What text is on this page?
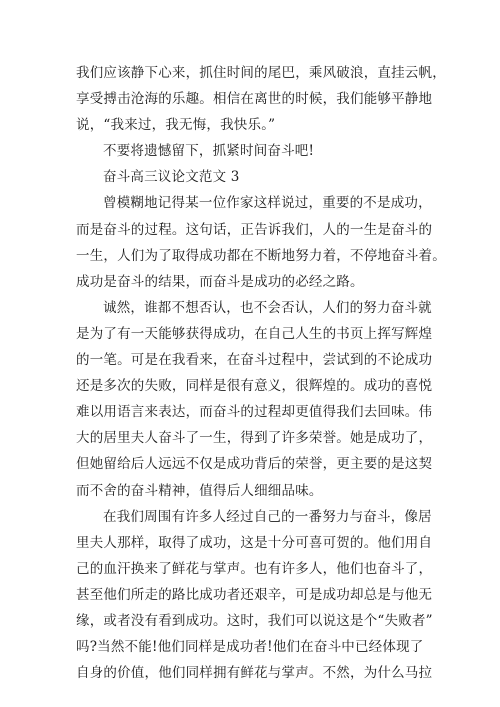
我们应该静下心来，抓住时间的尾巴，乘风破浪，直挂云帆，
享受搏击沧海的乐趣。相信在离世的时候，我们能够平静地
说，“我来过，我无悔，我快乐。”
不要将遗憾留下，抓紧时间奋斗吧!
奋斗高三议论文范文 3
曾模糊地记得某一位作家这样说过，重要的不是成功，
而是奋斗的过程。这句话，正告诉我们，人的一生是奋斗的
一生，人们为了取得成功都在不断地努力着，不停地奋斗着。
成功是奋斗的结果，而奋斗是成功的必经之路。
诚然，谁都不想否认，也不会否认，人们的努力奋斗就
是为了有一天能够获得成功，在自己人生的书页上挥写辉煌
的一笔。可是在我看来，在奋斗过程中，尝试到的不论成功
还是多次的失败，同样是很有意义，很辉煌的。成功的喜悦
难以用语言来表达，而奋斗的过程却更值得我们去回味。伟
大的居里夫人奋斗了一生，得到了许多荣誉。她是成功了，
但她留给后人远远不仅是成功背后的荣誉，更主要的是这契
而不舍的奋斗精神，值得后人细细品味。
在我们周围有许多人经过自己的一番努力与奋斗，像居
里夫人那样，取得了成功，这是十分可喜可贺的。他们用自
己的血汗换来了鲜花与掌声。也有许多人，他们也奋斗了，
甚至他们所走的路比成功者还艰辛，可是成功却总是与他无
缘，或者没有看到成功。这时，我们可以说这是个“失败者”
吗?当然不能!他们同样是成功者!他们在奋斗中已经体现了
自身的价值，他们同样拥有鲜花与掌声。不然，为什么马拉
